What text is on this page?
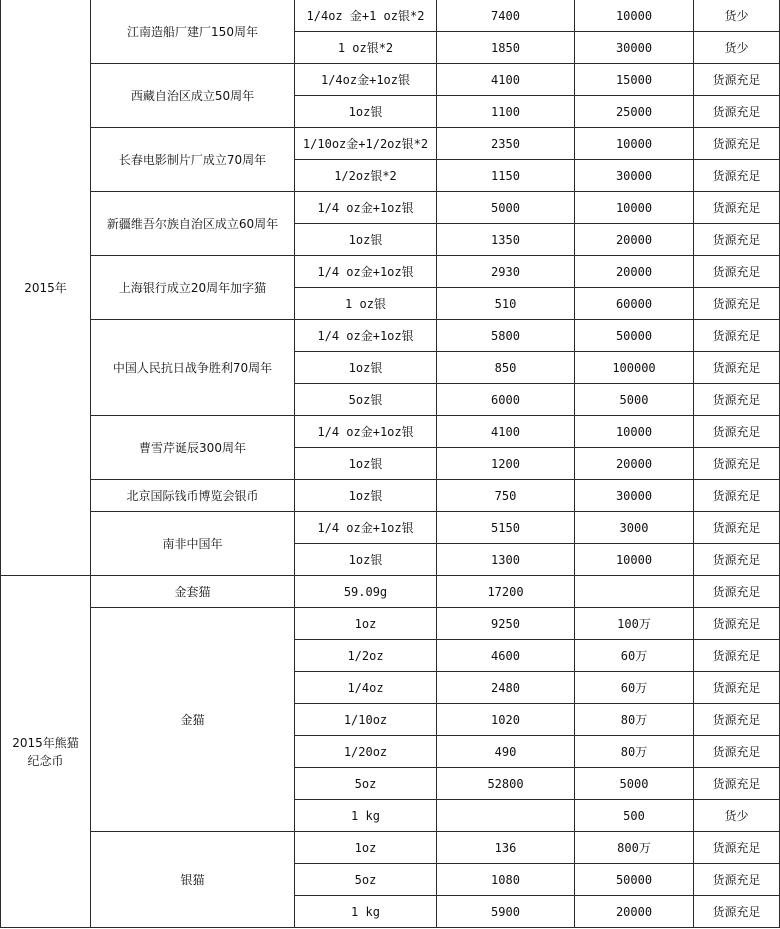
2015年	江南造船厂建厂150周年	1/4oz 金+1 oz银*2	7400	10000	货少
		1 oz银*2	1850	30000	货少
	西藏自治区成立50周年	1/4oz金+1oz银	4100	15000	货源充足
		1oz银	1100	25000	货源充足
	长春电影制片厂成立70周年	1/10oz金+1/2oz银*2	2350	10000	货源充足
		1/2oz银*2	1150	30000	货源充足
	新疆维吾尔族自治区成立60周年	1/4 oz金+1oz银	5000	10000	货源充足
		1oz银	1350	20000	货源充足
	上海银行成立20周年加字猫	1/4 oz金+1oz银	2930	20000	货源充足
		1 oz银	510	60000	货源充足
	中国人民抗日战争胜利70周年	1/4 oz金+1oz银	5800	50000	货源充足
		1oz银	850	100000	货源充足
		5oz银	6000	5000	货源充足
	曹雪芹诞辰300周年	1/4 oz金+1oz银	4100	10000	货源充足
		1oz银	1200	20000	货源充足
	北京国际钱币博览会银币	1oz银	750	30000	货源充足
	南非中国年	1/4 oz金+1oz银	5150	3000	货源充足
		1oz银	1300	10000	货源充足

2015年熊猫
纪念币	金套猫	59.09g	17200		货源充足
	金猫	1oz	9250	100万	货源充足
		1/2oz	4600	60万	货源充足
		1/4oz	2480	60万	货源充足
		1/10oz	1020	80万	货源充足
		1/20oz	490	80万	货源充足
		5oz	52800	5000	货源充足
		1 kg		500	货少
	银猫	1oz	136	800万	货源充足
		5oz	1080	50000	货源充足
		1 kg	5900	20000	货源充足
